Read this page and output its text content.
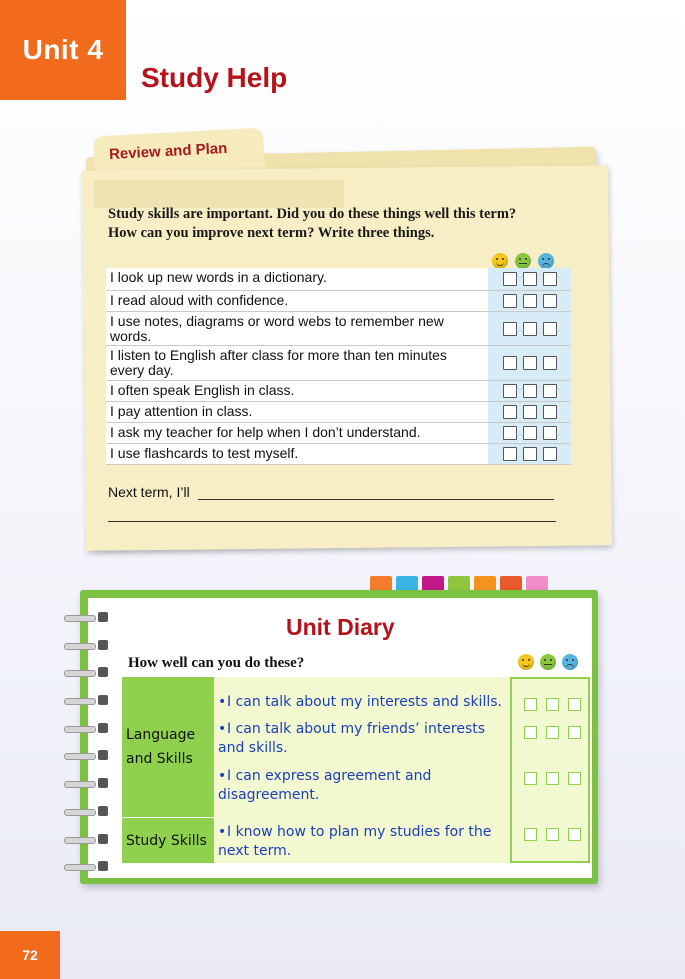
Unit 4
Study Help
Review and Plan
Study skills are important. Did you do these things well this term? How can you improve next term? Write three things.
I look up new words in a dictionary.
I read aloud with confidence.
I use notes, diagrams or word webs to remember new words.
I listen to English after class for more than ten minutes every day.
I often speak English in class.
I pay attention in class.
I ask my teacher for help when I don’t understand.
I use flashcards to test myself.
Next term, I’ll
Unit Diary
How well can you do these?
Language and Skills
Study Skills
•I can talk about my interests and skills.
•I can talk about my friends’ interests and skills.
•I can express agreement and disagreement.
•I know how to plan my studies for the next term.
72
